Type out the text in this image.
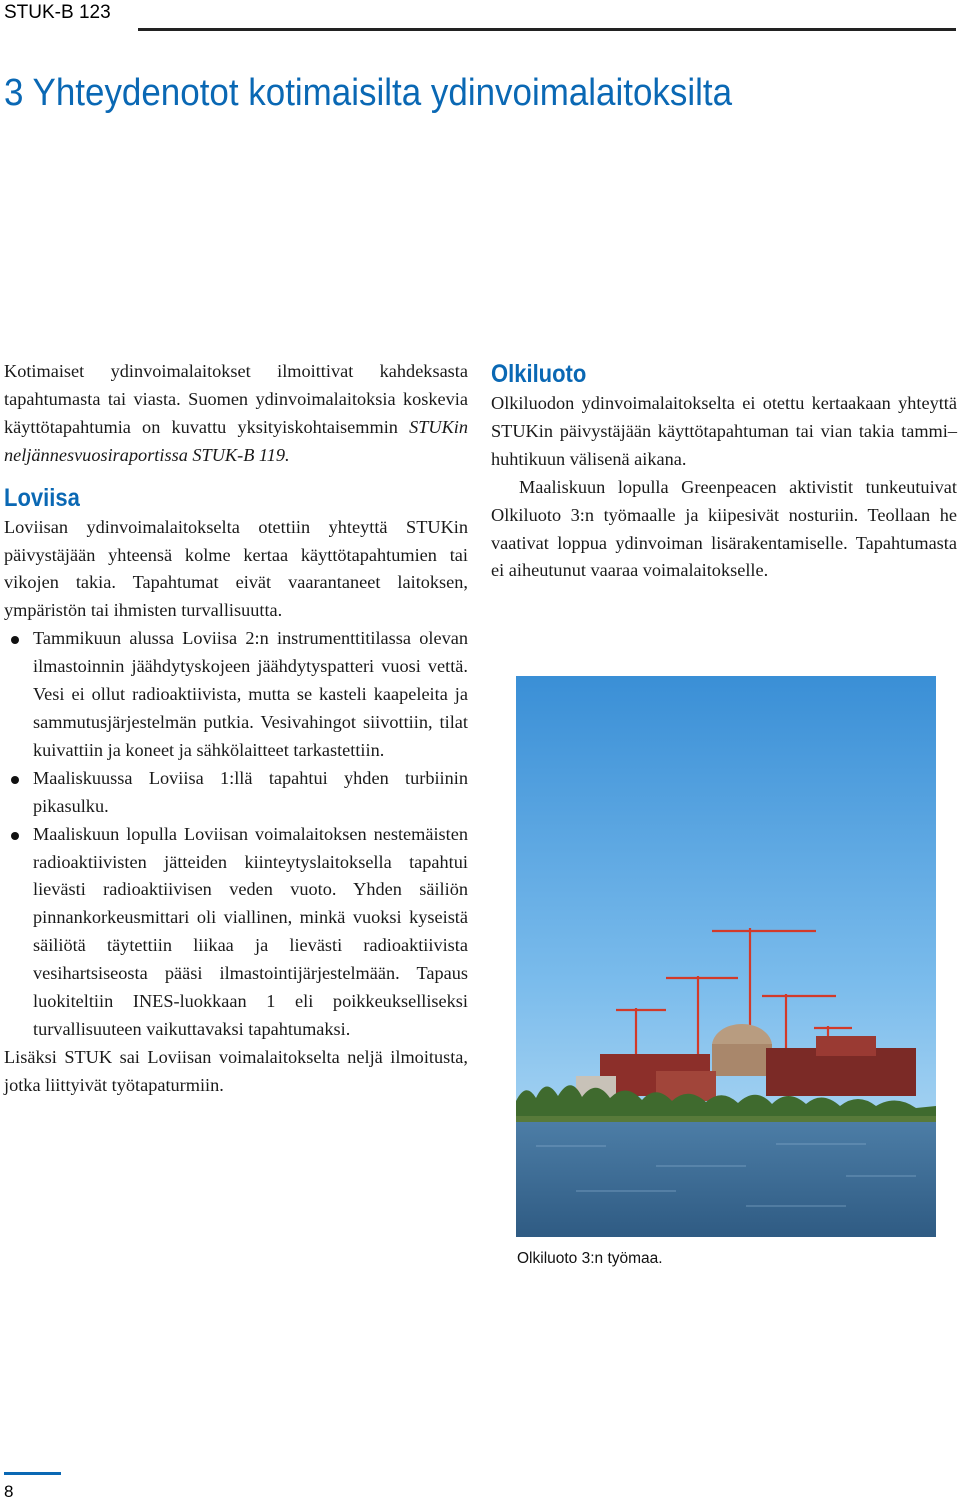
STUK-B 123
3 Yhteydenotot kotimaisilta ydinvoimalaitoksilta

Kotimaiset ydinvoimalaitokset ilmoittivat kahdeksasta tapahtumasta tai viasta. Suomen ydinvoimalaitoksia koskevia käyttötapahtumia on kuvattu yksityiskohtaisemmin STUKin neljännesvuosiraportissa STUK-B 119.

Loviisa

Loviisan ydinvoimalaitokselta otettiin yhteyttä STUKin päivystäjään yhteensä kolme kertaa käyttötapahtumien tai vikojen takia. Tapahtumat eivät vaarantaneet laitoksen, ympäristön tai ihmisten turvallisuutta.

Tammikuun alussa Loviisa 2:n instrumenttitilassa olevan ilmastoinnin jäähdytyskojeen jäähdytyspatteri vuosi vettä. Vesi ei ollut radioaktiivista, mutta se kasteli kaapeleita ja sammutusjärjestelmän putkia. Vesivahingot siivottiin, tilat kuivattiin ja koneet ja sähkölaitteet tarkastettiin.

Maaliskuussa Loviisa 1:llä tapahtui yhden turbiinin pikasulku.

Maaliskuun lopulla Loviisan voimalaitoksen nestemäisten radioaktiivisten jätteiden kiinteytyslaitoksella tapahtui lievästi radioaktiivisen veden vuoto. Yhden säiliön pinnankorkeusmittari oli viallinen, minkä vuoksi kyseistä säiliötä täytettiin liikaa ja lievästi radioaktiivista vesihartsiseosta pääsi ilmastointijärjestelmään. Tapaus luokiteltiin INES-luokkaan 1 eli poikkeukselliseksi turvallisuuteen vaikuttavaksi tapahtumaksi.

Lisäksi STUK sai Loviisan voimalaitokselta neljä ilmoitusta, jotka liittyivät työtapaturmiin.

Olkiluoto

Olkiluodon ydinvoimalaitokselta ei otettu kertaakaan yhteyttä STUKin päivystäjään käyttötapahtuman tai vian takia tammi–huhtikuun välisenä aikana.

Maaliskuun lopulla Greenpeacen aktivistit tunkeutuivat Olkiluoto 3:n työmaalle ja kiipesivät nosturiin. Teollaan he vaativat loppua ydinvoiman lisärakentamiselle. Tapahtumasta ei aiheutunut vaaraa voimalaitokselle.

Olkiluoto 3:n työmaa.
8
